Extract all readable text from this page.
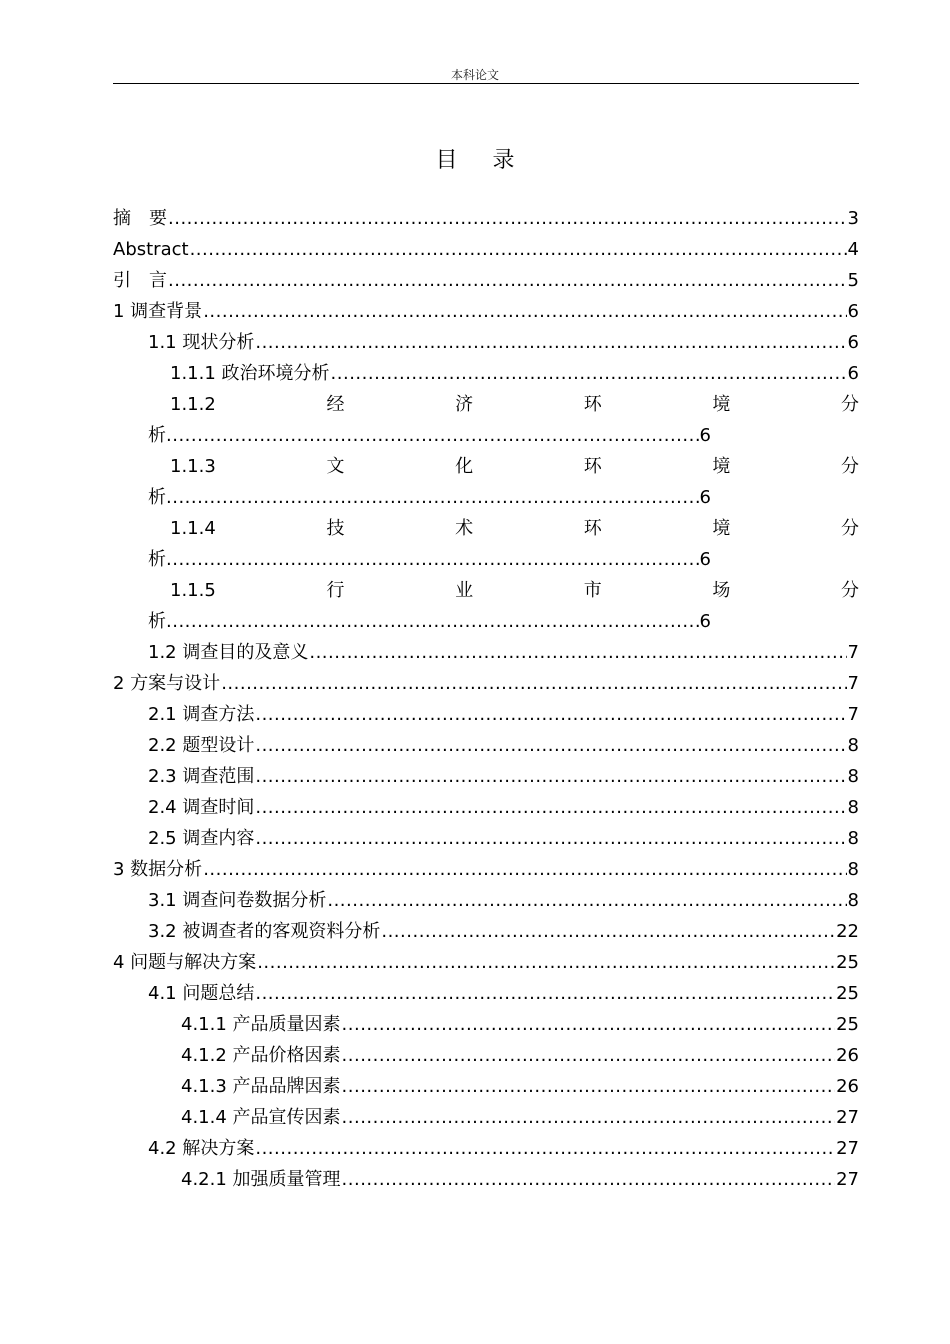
本科论文
目 录
摘　要 .....	3
Abstract .....	4
引　言 .....	5
1 调查背景 .....	6
1.1 现状分析 .....	6
1.1.1 政治环境分析 .....	6
1.1.2	经	济	环	境	分
析 .....	6
1.1.3	文	化	环	境	分
析 .....	6
1.1.4	技	术	环	境	分
析 .....	6
1.1.5	行	业	市	场	分
析 .....	6
1.2 调查目的及意义 .....	7
2 方案与设计 .....	7
2.1 调查方法 .....	7
2.2 题型设计 .....	8
2.3 调查范围 .....	8
2.4 调查时间 .....	8
2.5 调查内容 .....	8
3 数据分析 .....	8
3.1 调查问卷数据分析 .....	8
3.2 被调查者的客观资料分析 .....	22
4 问题与解决方案 .....	25
4.1 问题总结 .....	25
4.1.1 产品质量因素 .....	25
4.1.2 产品价格因素 .....	26
4.1.3 产品品牌因素 .....	26
4.1.4 产品宣传因素 .....	27
4.2 解决方案 .....	27
4.2.1 加强质量管理 .....	27
